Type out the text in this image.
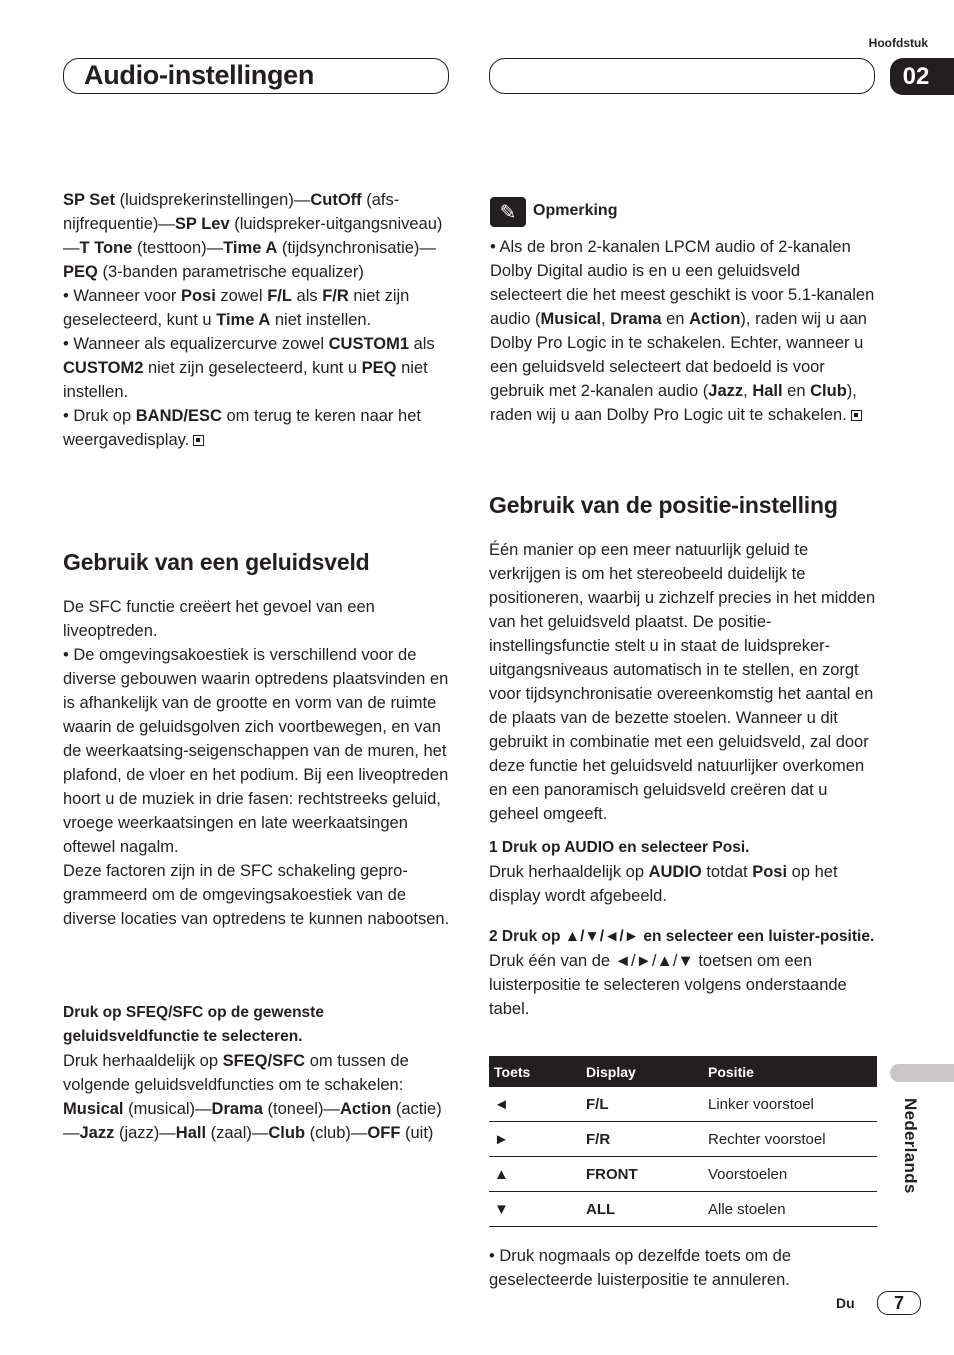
Hoofdstuk
Audio-instellingen	02

SP Set (luidsprekerinstellingen)—CutOff (afs-nijfrequentie)—SP Lev (luidspreker-uitgangsniveau)—T Tone (testtoon)—Time A (tijdsynchronisatie)—PEQ (3-banden parametrische equalizer)

• Wanneer voor Posi zowel F/L als F/R niet zijn geselecteerd, kunt u Time A niet instellen.

• Wanneer als equalizercurve zowel CUSTOM1 als CUSTOM2 niet zijn geselecteerd, kunt u PEQ niet instellen.

• Druk op BAND/ESC om terug te keren naar het weergavedisplay.

Gebruik van een geluidsveld

De SFC functie creëert het gevoel van een liveoptreden.

• De omgevingsakoestiek is verschillend voor de diverse gebouwen waarin optredens plaatsvinden en is afhankelijk van de grootte en vorm van de ruimte waarin de geluidsgolven zich voortbewegen, en van de weerkaatsing-seigenschappen van de muren, het plafond, de vloer en het podium. Bij een liveoptreden hoort u de muziek in drie fasen: rechtstreeks geluid, vroege weerkaatsingen en late weerkaatsingen oftewel nagalm.

Deze factoren zijn in de SFC schakeling gepro-grammeerd om de omgevingsakoestiek van de diverse locaties van optredens te kunnen nabootsen.

Druk op SFEQ/SFC op de gewenste geluidsveldfunctie te selecteren.

Druk herhaaldelijk op SFEQ/SFC om tussen de volgende geluidsveldfuncties om te schakelen: Musical (musical)—Drama (toneel)—Action (actie)—Jazz (jazz)—Hall (zaal)—Club (club)—OFF (uit)

✎	Opmerking

• Als de bron 2-kanalen LPCM audio of 2-kanalen Dolby Digital audio is en u een geluidsveld selecteert die het meest geschikt is voor 5.1-kanalen audio (Musical, Drama en Action), raden wij u aan Dolby Pro Logic in te schakelen. Echter, wanneer u een geluidsveld selecteert dat bedoeld is voor gebruik met 2-kanalen audio (Jazz, Hall en Club), raden wij u aan Dolby Pro Logic uit te schakelen.

Gebruik van de positie-instelling

Één manier op een meer natuurlijk geluid te verkrijgen is om het stereobeeld duidelijk te positioneren, waarbij u zichzelf precies in het midden van het geluidsveld plaatst. De positie-instellingsfunctie stelt u in staat de luidspreker-uitgangsniveaus automatisch in te stellen, en zorgt voor tijdsynchronisatie overeenkomstig het aantal en de plaats van de bezette stoelen. Wanneer u dit gebruikt in combinatie met een geluidsveld, zal door deze functie het geluidsveld natuurlijker overkomen en een panoramisch geluidsveld creëren dat u geheel omgeeft.

1 Druk op AUDIO en selecteer Posi.

Druk herhaaldelijk op AUDIO totdat Posi op het display wordt afgebeeld.

2 Druk op ▲/▼/◄/► en selecteer een luister-positie.

Druk één van de ◄/►/▲/▼ toetsen om een luisterpositie te selecteren volgens onderstaande tabel.

Toets	Display	Positie
◄	F/L	Linker voorstoel
►	F/R	Rechter voorstoel
▲	FRONT	Voorstoelen
▼	ALL	Alle stoelen

• Druk nogmaals op dezelfde toets om de geselecteerde luisterpositie te annuleren.

Nederlands
Du	7
